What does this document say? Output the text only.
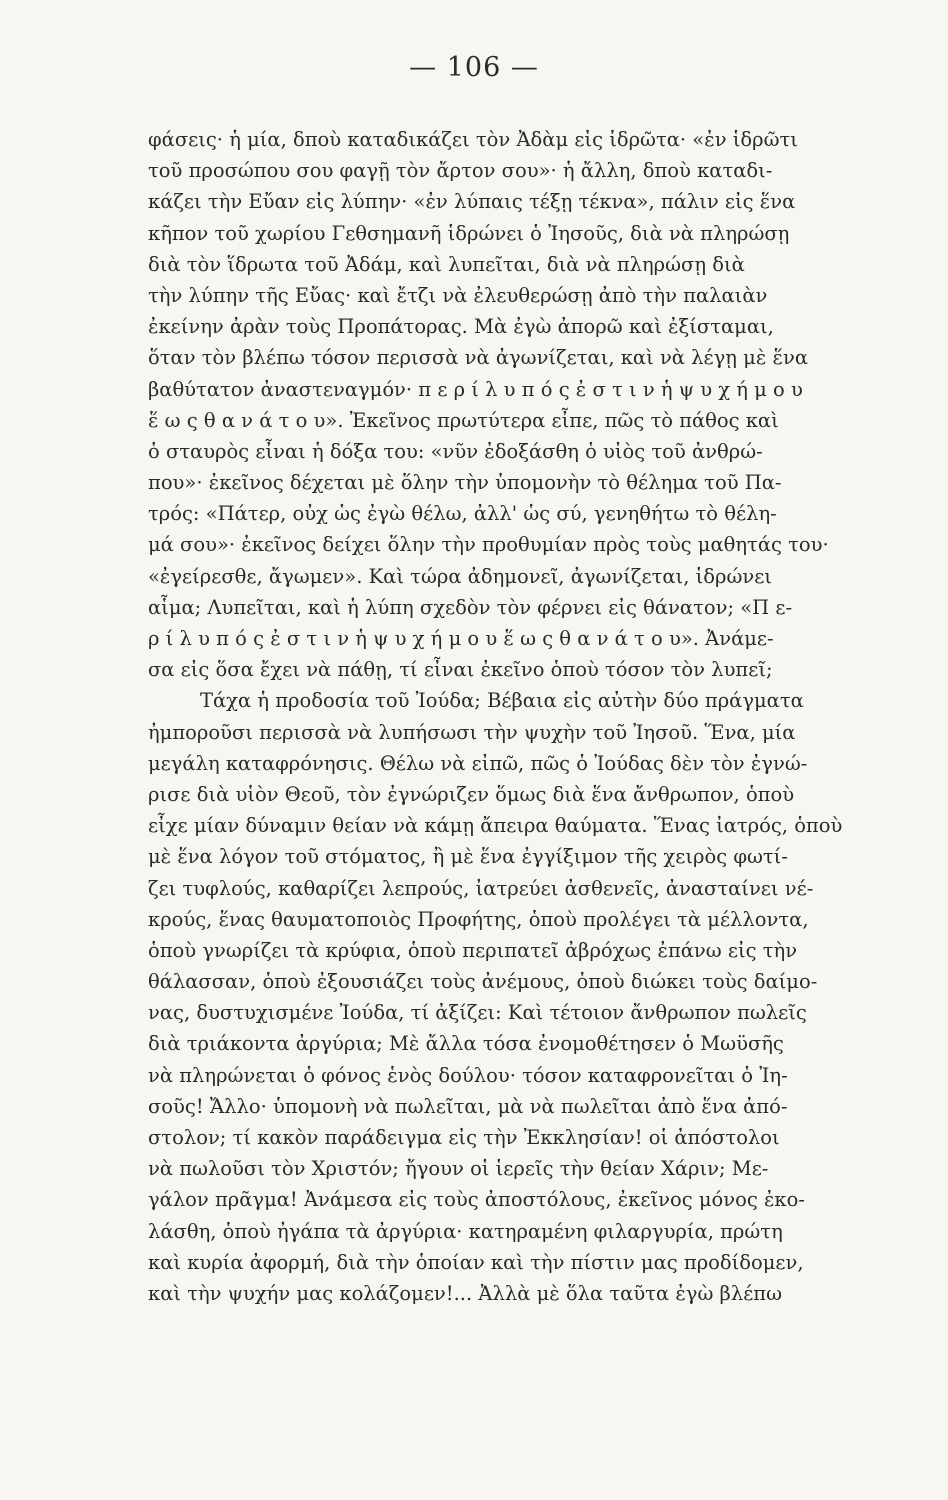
— 106 —
φάσεις· ἡ μία, δποὺ καταδικάζει τὸν Ἀδὰμ εἰς ἱδρῶτα· «ἐν ἱδρῶτι
τοῦ προσώπου σου φαγῇ τὸν ἄρτον σου»· ἡ ἄλλη, δποὺ καταδι-
κάζει τὴν Εὔαν εἰς λύπην· «ἐν λύπαις τέξῃ τέκνα», πάλιν εἰς ἕνα
κῆπον τοῦ χωρίου Γεθσημανῆ ἱδρώνει ὁ Ἰησοῦς, διὰ νὰ πληρώσῃ
διὰ τὸν ἵδρωτα τοῦ Ἀδάμ, καὶ λυπεῖται, διὰ νὰ πληρώσῃ διὰ
τὴν λύπην τῆς Εὔας· καὶ ἔτζι νὰ ἐλευθερώσῃ ἀπὸ τὴν παλαιὰν
ἐκείνην ἀρὰν τοὺς Προπάτορας. Μὰ ἐγὼ ἀπορῶ καὶ ἐξίσταμαι,
ὅταν τὸν βλέπω τόσον περισσὰ νὰ ἀγωνίζεται, καὶ νὰ λέγῃ μὲ ἕνα
βαθύτατον ἀναστεναγμόν· π ε ρ ί λ υ π ό ς ἐ σ τ ι ν ἡ ψ υ χ ή μ ο υ
ἕ ω ς θ α ν ά τ ο υ». Ἐκεῖνος πρωτύτερα εἶπε, πῶς τὸ πάθος καὶ
ὁ σταυρὸς εἶναι ἡ δόξα του: «νῦν ἐδοξάσθη ὁ υἱὸς τοῦ ἀνθρώ-
που»· ἐκεῖνος δέχεται μὲ ὅλην τὴν ὑπομονὴν τὸ θέλημα τοῦ Πα-
τρός: «Πάτερ, οὐχ ὡς ἐγὼ θέλω, ἀλλ' ὡς σύ, γενηθήτω τὸ θέλη-
μά σου»· ἐκεῖνος δείχει ὅλην τὴν προθυμίαν πρὸς τοὺς μαθητάς του·
«ἐγείρεσθε, ἄγωμεν». Καὶ τώρα ἀδημονεῖ, ἀγωνίζεται, ἱδρώνει
αἷμα; Λυπεῖται, καὶ ἡ λύπη σχεδὸν τὸν φέρνει εἰς θάνατον; «Π ε-
ρ ί λ υ π ό ς ἐ σ τ ι ν ἡ ψ υ χ ή μ ο υ ἕ ω ς θ α ν ά τ ο υ». Ἀνάμε-
σα εἰς ὅσα ἔχει νὰ πάθῃ, τί εἶναι ἐκεῖνο ὁποὺ τόσον τὸν λυπεῖ;
Τάχα ἡ προδοσία τοῦ Ἰούδα; Βέβαια εἰς αὐτὴν δύο πράγματα
ἠμποροῦσι περισσὰ νὰ λυπήσωσι τὴν ψυχὴν τοῦ Ἰησοῦ. Ἕνα, μία
μεγάλη καταφρόνησις. Θέλω νὰ εἰπῶ, πῶς ὁ Ἰούδας δὲν τὸν ἐγνώ-
ρισε διὰ υἱὸν Θεοῦ, τὸν ἐγνώριζεν ὅμως διὰ ἕνα ἄνθρωπον, ὁποὺ
εἶχε μίαν δύναμιν θείαν νὰ κάμῃ ἄπειρα θαύματα. Ἕνας ἰατρός, ὁποὺ
μὲ ἕνα λόγον τοῦ στόματος, ἢ μὲ ἕνα ἐγγίξιμον τῆς χειρὸς φωτί-
ζει τυφλούς, καθαρίζει λεπρούς, ἰατρεύει ἀσθενεῖς, ἀνασταίνει νέ-
κρούς, ἕνας θαυματοποιὸς Προφήτης, ὁποὺ προλέγει τὰ μέλλοντα,
ὁποὺ γνωρίζει τὰ κρύφια, ὁποὺ περιπατεῖ ἀβρόχως ἐπάνω εἰς τὴν
θάλασσαν, ὁποὺ ἐξουσιάζει τοὺς ἀνέμους, ὁποὺ διώκει τοὺς δαίμο-
νας, δυστυχισμένε Ἰούδα, τί ἀξίζει: Καὶ τέτοιον ἄνθρωπον πωλεῖς
διὰ τριάκοντα ἀργύρια; Μὲ ἄλλα τόσα ἐνομοθέτησεν ὁ Μωϋσῆς
νὰ πληρώνεται ὁ φόνος ἑνὸς δούλου· τόσον καταφρονεῖται ὁ Ἰη-
σοῦς! Ἄλλο· ὑπομονὴ νὰ πωλεῖται, μὰ νὰ πωλεῖται ἀπὸ ἕνα ἀπό-
στολον; τί κακὸν παράδειγμα εἰς τὴν Ἐκκλησίαν! οἱ ἀπόστολοι
νὰ πωλοῦσι τὸν Χριστόν; ἤγουν οἱ ἱερεῖς τὴν θείαν Χάριν; Με-
γάλον πρᾶγμα! Ἀνάμεσα εἰς τοὺς ἀποστόλους, ἐκεῖνος μόνος ἐκο-
λάσθη, ὁποὺ ἠγάπα τὰ ἀργύρια· κατηραμένη φιλαργυρία, πρώτη
καὶ κυρία ἀφορμή, διὰ τὴν ὁποίαν καὶ τὴν πίστιν μας προδίδομεν,
καὶ τὴν ψυχήν μας κολάζομεν!... Ἀλλὰ μὲ ὅλα ταῦτα ἐγὼ βλέπω
